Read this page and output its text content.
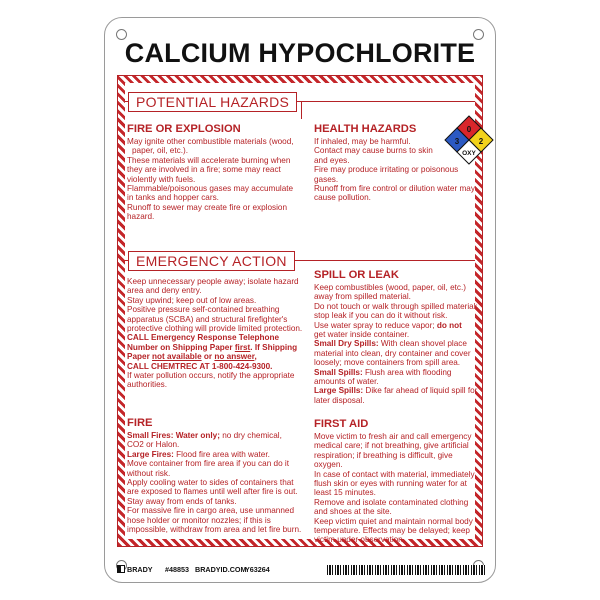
CALCIUM HYPOCHLORITE
POTENTIAL HAZARDS
EMERGENCY ACTION
FIRE OR EXPLOSION

May ignite other combustible materials (wood,

paper, oil, etc.).

These materials will accelerate burning when

they are involved in a fire; some may react

violently with fuels.

Flammable/poisonous gases may accumulate

in tanks and hopper cars.

Runoff to sewer may create fire or explosion

hazard.

HEALTH HAZARDS

If inhaled, may be harmful.

Contact may cause burns to skin

and eyes.

Fire may produce irritating or poisonous

gases.

Runoff from fire control or dilution water may

cause pollution.

Keep unnecessary people away; isolate hazard

area and deny entry.

Stay upwind; keep out of low areas.

Positive pressure self-contained breathing

apparatus (SCBA) and structural firefighter's

protective clothing will provide limited protection.

CALL Emergency Response Telephone

Number on Shipping Paper first. If Shipping

Paper not available or no answer,

CALL CHEMTREC AT 1-800-424-9300.

If water pollution occurs, notify the appropriate

authorities.

FIRE

Small Fires: Water only; no dry chemical,

CO2 or Halon.

Large Fires: Flood fire area with water.

Move container from fire area if you can do it

without risk.

Apply cooling water to sides of containers that

are exposed to flames until well after fire is out.

Stay away from ends of tanks.

For massive fire in cargo area, use unmanned

hose holder or monitor nozzles; if this is

impossible, withdraw from area and let fire burn.

SPILL OR LEAK

Keep combustibles (wood, paper, oil, etc.)

away from spilled material.

Do not touch or walk through spilled material;

stop leak if you can do it without risk.

Use water spray to reduce vapor; do not

get water inside container.

Small Dry Spills: With clean shovel place

material into clean, dry container and cover

loosely; move containers from spill area.

Small Spills: Flush area with flooding

amounts of water.

Large Spills: Dike far ahead of liquid spill for

later disposal.

FIRST AID

Move victim to fresh air and call emergency

medical care; if not breathing, give artificial

respiration; if breathing is difficult, give

oxygen.

In case of contact with material, immediately

flush skin or eyes with running water for at

least 15 minutes.

Remove and isolate contaminated clothing

and shoes at the site.

Keep victim quiet and maintain normal body

temperature. Effects may be delayed; keep

victim under observation.

0
3 2
OXY
BRADY #48853 BRADYID.COM
Y63264
